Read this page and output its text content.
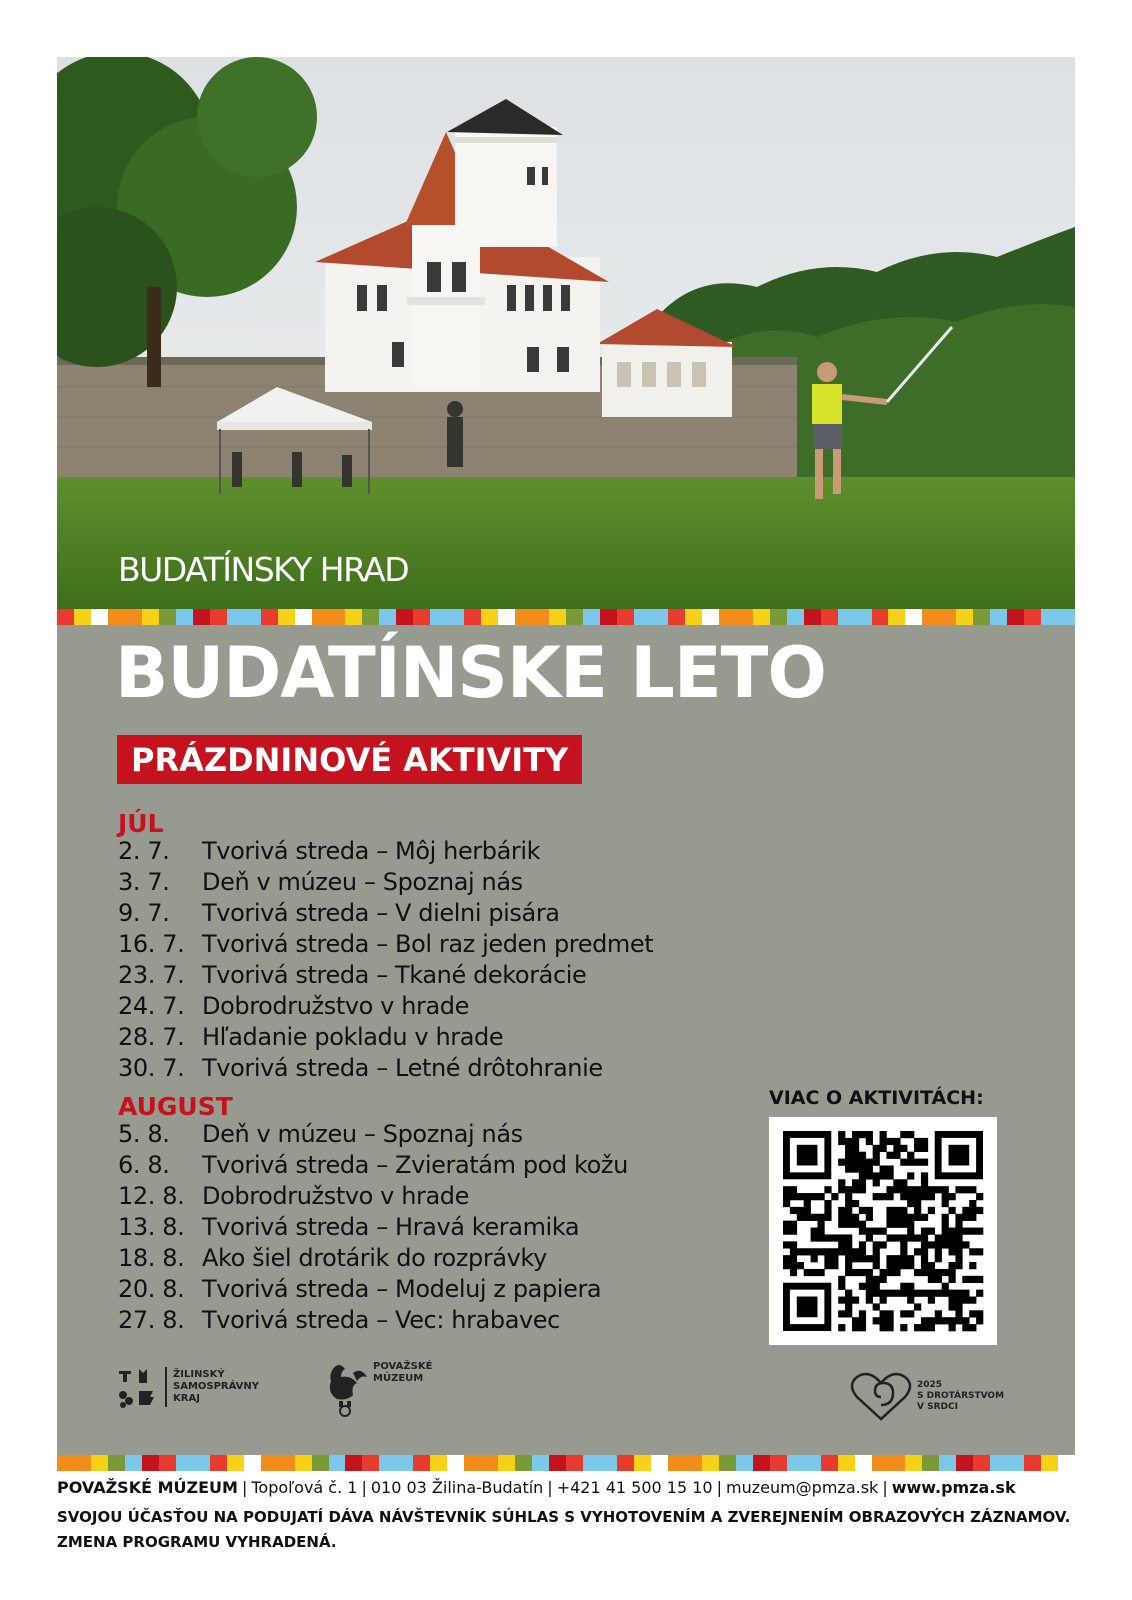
BUDATÍNSKY HRAD
BUDATÍNSKE LETO
PRÁZDNINOVÉ AKTIVITY
JÚL
2. 7. Tvorivá streda – Môj herbárik
3. 7. Deň v múzeu – Spoznaj nás
9. 7. Tvorivá streda – V dielni pisára
16. 7. Tvorivá streda – Bol raz jeden predmet
23. 7. Tvorivá streda – Tkané dekorácie
24. 7. Dobrodružstvo v hrade
28. 7. Hľadanie pokladu v hrade
30. 7. Tvorivá streda – Letné drôtohranie
AUGUST
5. 8. Deň v múzeu – Spoznaj nás
6. 8. Tvorivá streda – Zvieratám pod kožu
12. 8. Dobrodružstvo v hrade
13. 8. Tvorivá streda – Hravá keramika
18. 8. Ako šiel drotárik do rozprávky
20. 8. Tvorivá streda – Modeluj z papiera
27. 8. Tvorivá streda – Vec: hrabavec
VIAC O AKTIVITÁCH:
ŽILINSKÝ
SAMOSPRÁVNY
KRAJ
POVAŽSKÉ
MÚZEUM
2025
S DROTÁRSTVOM
V SRDCI
POVAŽSKÉ MÚZEUM | Topoľová č. 1 | 010 03 Žilina-Budatín | +421 41 500 15 10 | muzeum@pmza.sk | www.pmza.sk
SVOJOU ÚČASŤOU NA PODUJATÍ DÁVA NÁVŠTEVNÍK SÚHLAS S VYHOTOVENÍM A ZVEREJNENÍM OBRAZOVÝCH ZÁZNAMOV.
ZMENA PROGRAMU VYHRADENÁ.
